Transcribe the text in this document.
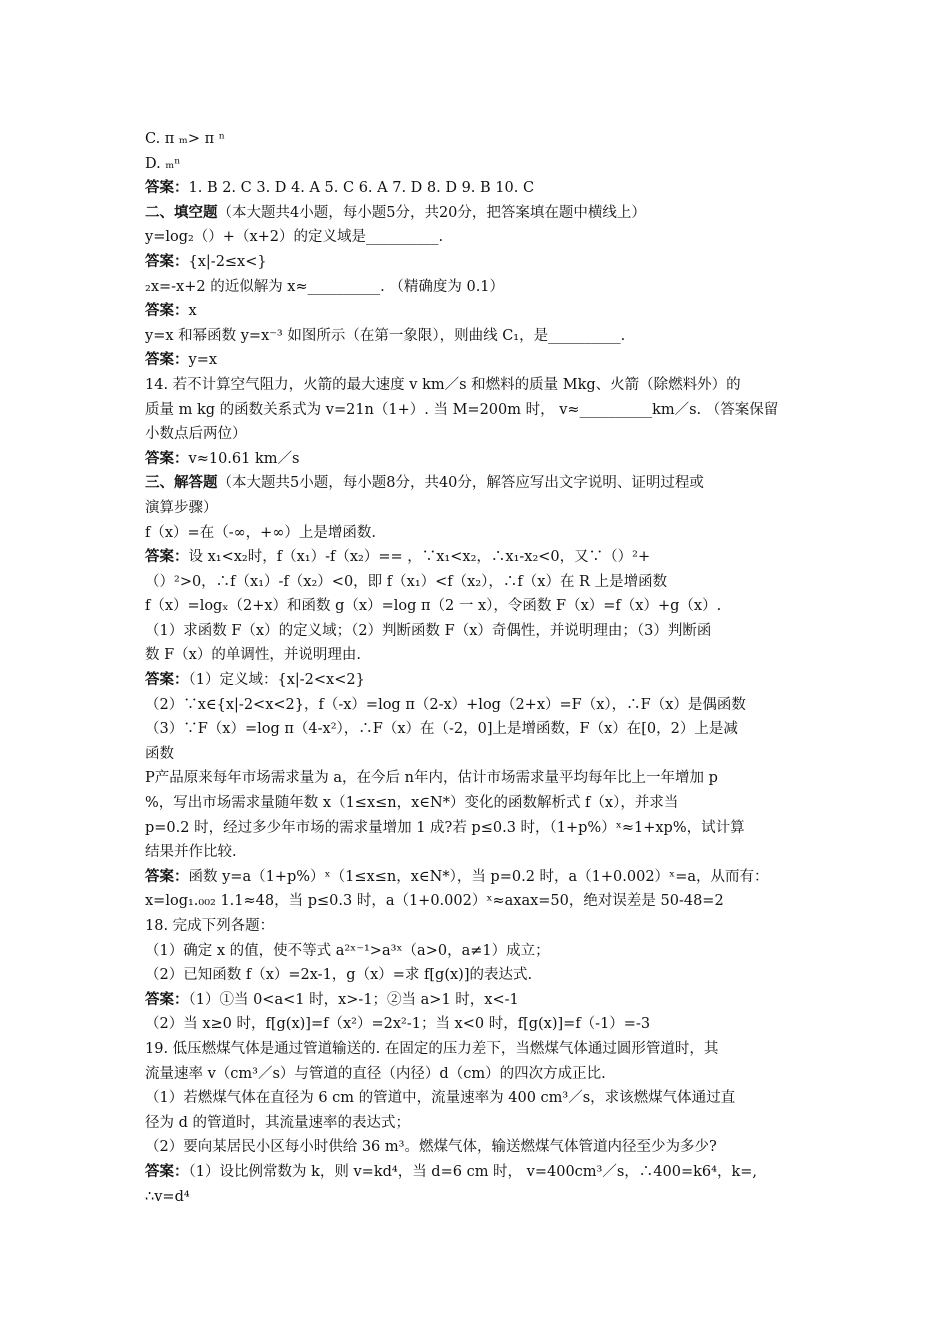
C. π ₘ> π ⁿ
D. ₘⁿ
答案：1. B 2. C 3. D 4. A 5. C 6. A 7. D 8. D 9. B 10. C
二、填空题（本大题共4小题，每小题5分，共20分，把答案填在题中横线上）
y=log₂（）+（x+2）的定义域是__________.
答案：{x|-2≤x<}
₂x=-x+2 的近似解为 x≈__________. （精确度为 0.1）
答案：x
y=x 和幂函数 y=x⁻³ 如图所示（在第一象限），则曲线 C₁，是__________.
答案：y=x
14. 若不计算空气阻力，火箭的最大速度 v km／s 和燃料的质量 Mkg、火箭（除燃料外）的
质量 m kg 的函数关系式为 v=21n（1+）. 当 M=200m 时， v≈__________km／s. （答案保留
小数点后两位）
答案：v≈10.61 km／s
三、解答题（本大题共5小题，每小题8分，共40分，解答应写出文字说明、证明过程或
演算步骤）
f（x）=在（-∞，+∞）上是增函数.
答案：设 x₁<x₂时，f（x₁）-f（x₂）== ，∵x₁<x₂，∴x₁-x₂<0，又∵（）²+
（）²>0，∴f（x₁）-f（x₂）<0，即 f（x₁）<f（x₂），∴f（x）在 R 上是增函数
f（x）=logₓ（2+x）和函数 g（x）=log π（2 一 x），令函数 F（x）=f（x）+g（x）.
（1）求函数 F（x）的定义域；（2）判断函数 F（x）奇偶性，并说明理由；（3）判断函
数 F（x）的单调性，并说明理由.
答案：（1）定义域：{x|-2<x<2}
（2）∵x∈{x|-2<x<2}，f（-x）=log π（2-x）+log（2+x）=F（x），∴F（x）是偶函数
（3）∵F（x）=log π（4-x²），∴F（x）在（-2，0]上是增函数，F（x）在[0，2）上是减
函数
P产品原来每年市场需求量为 a，在今后 n年内，估计市场需求量平均每年比上一年增加 p
%，写出市场需求量随年数 x（1≤x≤n，x∈N*）变化的函数解析式 f（x），并求当
p=0.2 时，经过多少年市场的需求量增加 1 成?若 p≤0.3 时，（1+p%）ˣ≈1+xp%，试计算
结果并作比较.
答案：函数 y=a（1+p%）ˣ（1≤x≤n，x∈N*），当 p=0.2 时，a（1+0.002）ˣ=a，从而有：
x=log₁.₀₀₂ 1.1≈48，当 p≤0.3 时，a（1+0.002）ˣ≈axax=50，绝对误差是 50-48=2
18. 完成下列各题：
（1）确定 x 的值，使不等式 a²ˣ⁻¹>a³ˣ（a>0，a≠1）成立；
（2）已知函数 f（x）=2x-1，g（x）=求 f[g(x)]的表达式.
答案：（1）①当 0<a<1 时，x>-1；②当 a>1 时，x<-1
（2）当 x≥0 时，f[g(x)]=f（x²）=2x²-1；当 x<0 时，f[g(x)]=f（-1）=-3
19. 低压燃煤气体是通过管道输送的. 在固定的压力差下，当燃煤气体通过圆形管道时，其
流量速率 v（cm³／s）与管道的直径（内径）d（cm）的四次方成正比.
（1）若燃煤气体在直径为 6 cm 的管道中，流量速率为 400 cm³／s，求该燃煤气体通过直
径为 d 的管道时，其流量速率的表达式；
（2）要向某居民小区每小时供给 36 m³。燃煤气体，输送燃煤气体管道内径至少为多少?
答案：（1）设比例常数为 k，则 v=kd⁴，当 d=6 cm 时， v=400cm³／s，∴400=k6⁴，k=,
∴v=d⁴
